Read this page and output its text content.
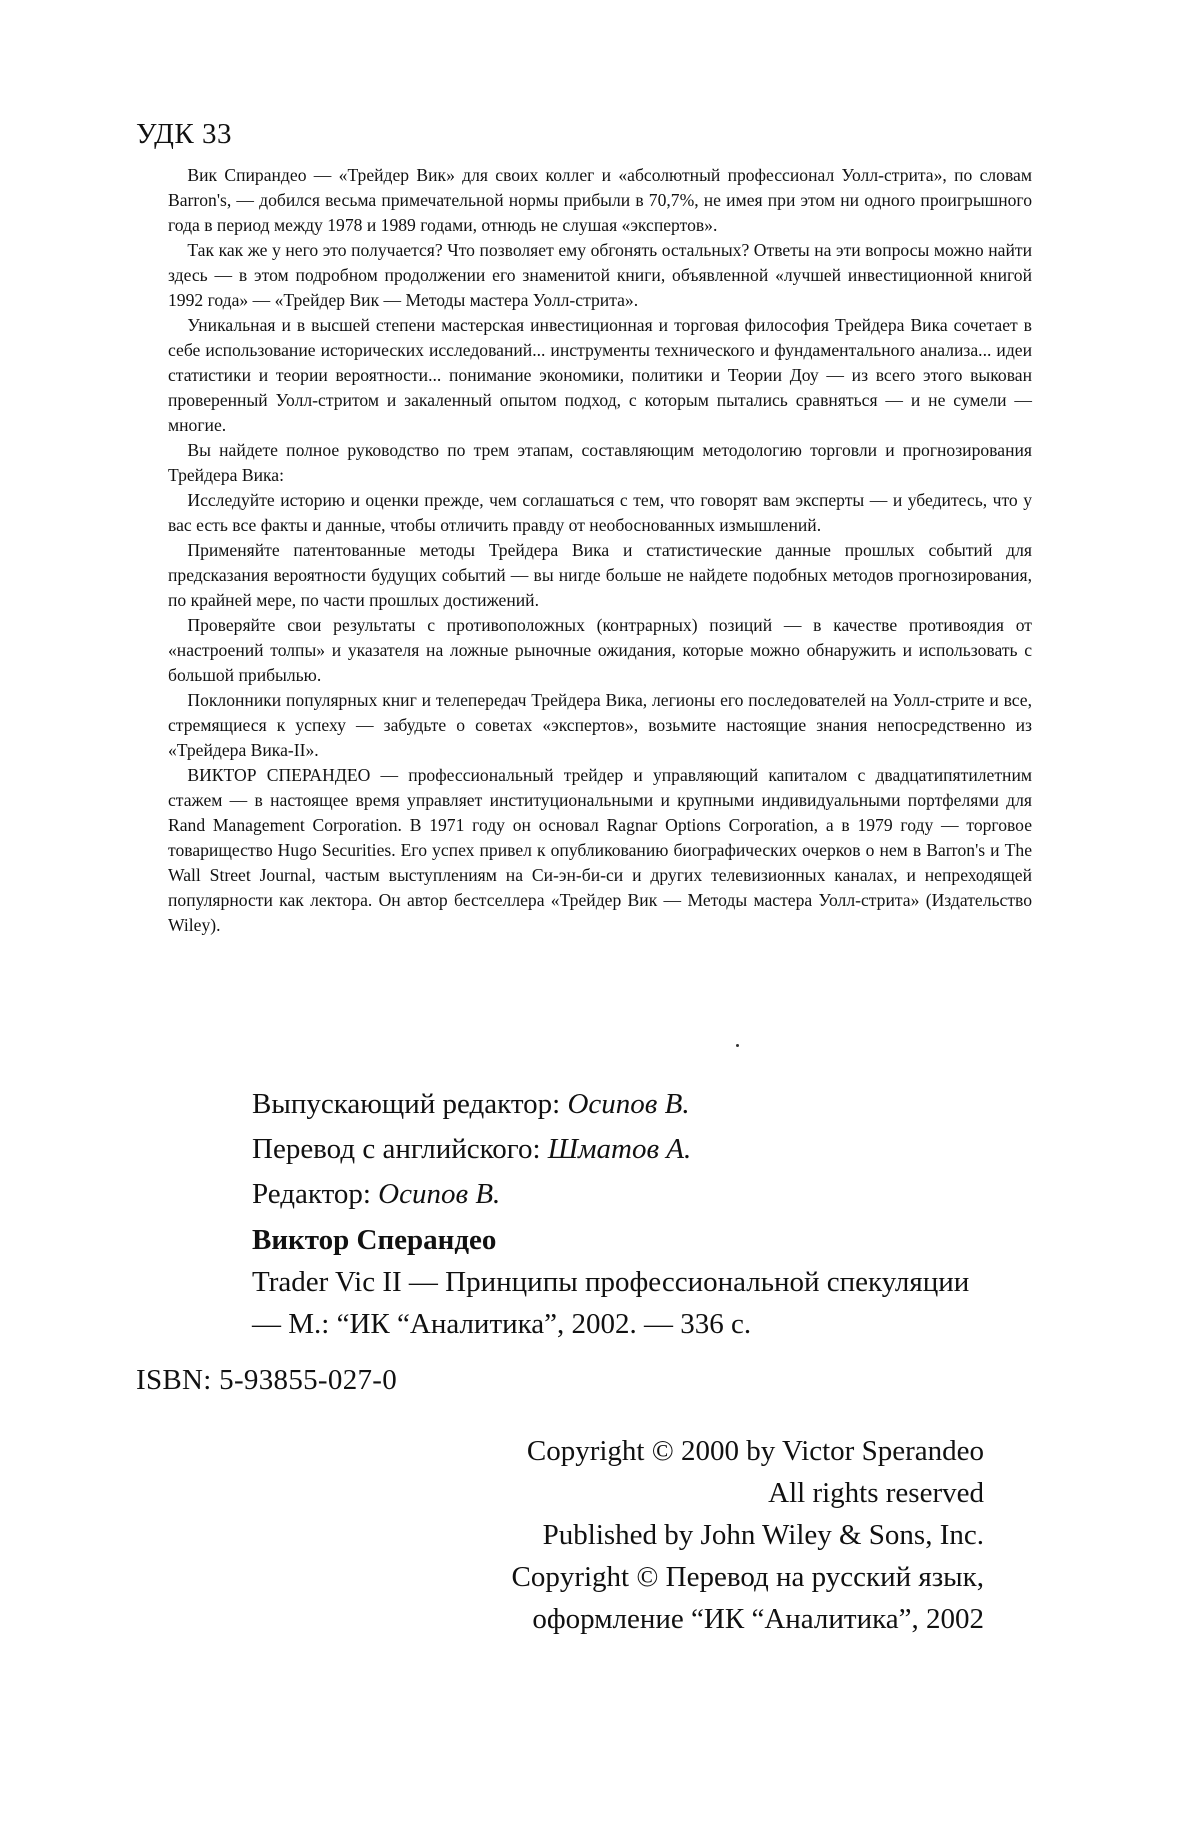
УДК 33

Вик Спирандео — «Трейдер Вик» для своих коллег и «абсолютный профессионал Уолл-стрита», по словам Barron's, — добился весьма примечательной нормы прибыли в 70,7%, не имея при этом ни одного проигрышного года в период между 1978 и 1989 годами, отнюдь не слушая «экспертов».

Так как же у него это получается? Что позволяет ему обгонять остальных? Ответы на эти вопросы можно найти здесь — в этом подробном продолжении его знаменитой книги, объявленной «лучшей инвестиционной книгой 1992 года» — «Трейдер Вик — Методы мастера Уолл-стрита».

Уникальная и в высшей степени мастерская инвестиционная и торговая философия Трейдера Вика сочетает в себе использование исторических исследований... инструменты технического и фундаментального анализа... идеи статистики и теории вероятности... понимание экономики, политики и Теории Доу — из всего этого выкован проверенный Уолл-стритом и закаленный опытом подход, с которым пытались сравняться — и не сумели — многие.

Вы найдете полное руководство по трем этапам, составляющим методологию торговли и прогнозирования Трейдера Вика:

Исследуйте историю и оценки прежде, чем соглашаться с тем, что говорят вам эксперты — и убедитесь, что у вас есть все факты и данные, чтобы отличить правду от необоснованных измышлений.

Применяйте патентованные методы Трейдера Вика и статистические данные прошлых событий для предсказания вероятности будущих событий — вы нигде больше не найдете подобных методов прогнозирования, по крайней мере, по части прошлых достижений.

Проверяйте свои результаты с противоположных (контрарных) позиций — в качестве противоядия от «настроений толпы» и указателя на ложные рыночные ожидания, которые можно обнаружить и использовать с большой прибылью.

Поклонники популярных книг и телепередач Трейдера Вика, легионы его последователей на Уолл-стрите и все, стремящиеся к успеху — забудьте о советах «экспертов», возьмите настоящие знания непосредственно из «Трейдера Вика-II».

ВИКТОР СПЕРАНДЕО — профессиональный трейдер и управляющий капиталом с двадцатипятилетним стажем — в настоящее время управляет институциональными и крупными индивидуальными портфелями для Rand Management Corporation. В 1971 году он основал Ragnar Options Corporation, а в 1979 году — торговое товарищество Hugo Securities. Его успех привел к опубликованию биографических очерков о нем в Barron's и The Wall Street Journal, частым выступлениям на Си-эн-би-си и других телевизионных каналах, и непреходящей популярности как лектора. Он автор бестселлера «Трейдер Вик — Методы мастера Уолл-стрита» (Издательство Wiley).

Выпускающий редактор: Осипов В.
Перевод с английского: Шматов А.
Редактор: Осипов В.
Виктор Сперандео
Trader Vic II — Принципы профессиональной спекуляции
— М.: “ИК “Аналитика”, 2002. — 336 с.
ISBN: 5-93855-027-0
Copyright © 2000 by Victor Sperandeo
All rights reserved
Published by John Wiley & Sons, Inc.
Copyright © Перевод на русский язык,
оформление “ИК “Аналитика”, 2002
